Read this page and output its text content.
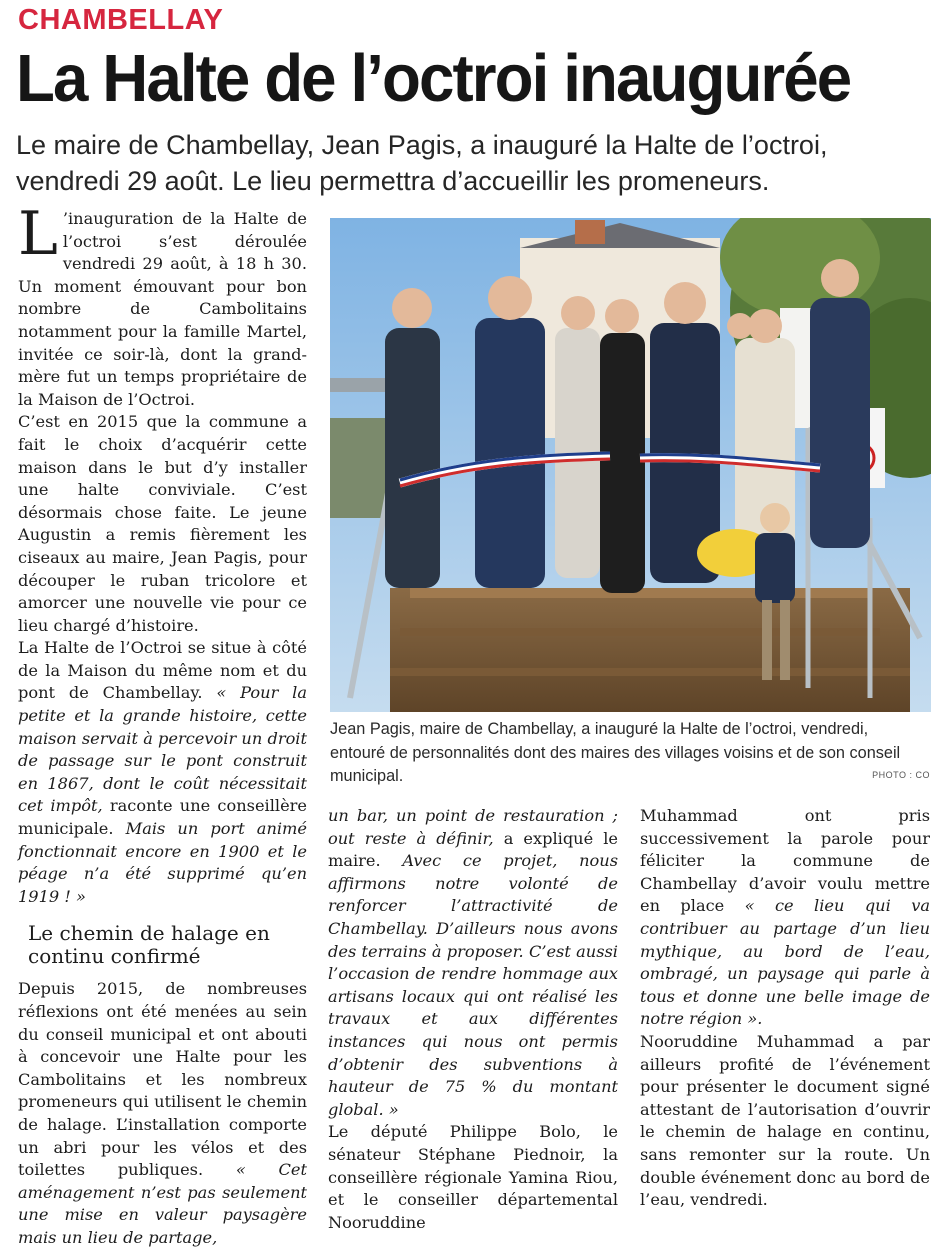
CHAMBELLAY
La Halte de l’octroi inaugurée

Le maire de Chambellay, Jean Pagis, a inauguré la Halte de l’octroi, vendredi 29 août. Le lieu permettra d’accueillir les promeneurs.

L ’inauguration de la Halte de l’octroi s’est déroulée vendredi 29 août, à 18 h 30. Un moment émouvant pour bon nombre de Cambolitains notamment pour la famille Martel, invitée ce soir-là, dont la grand-mère fut un temps propriétaire de la Maison de l’Octroi.

C’est en 2015 que la commune a fait le choix d’acquérir cette maison dans le but d’y installer une halte conviviale. C’est désormais chose faite. Le jeune Augustin a remis fièrement les ciseaux au maire, Jean Pagis, pour découper le ruban tricolore et amorcer une nouvelle vie pour ce lieu chargé d’histoire.

La Halte de l’Octroi se situe à côté de la Maison du même nom et du pont de Chambellay. « Pour la petite et la grande histoire, cette maison servait à percevoir un droit de passage sur le pont construit en 1867, dont le coût nécessitait cet impôt, raconte une conseillère municipale. Mais un port animé fonctionnait encore en 1900 et le péage n’a été supprimé qu’en 1919 ! »

Le chemin de halage en continu confirmé

Depuis 2015, de nombreuses réflexions ont été menées au sein du conseil municipal et ont abouti à concevoir une Halte pour les Cambolitains et les nombreux promeneurs qui utilisent le chemin de halage. L’installation comporte un abri pour les vélos et des toilettes publiques. « Cet aménagement n’est pas seulement une mise en valeur paysagère mais un lieu de partage,

Jean Pagis, maire de Chambellay, a inauguré la Halte de l’octroi, vendredi, entouré de personnalités dont des maires des villages voisins et de son conseil municipal.	PHOTO : CO

un bar, un point de restauration ; out reste à définir, a expliqué le maire. Avec ce projet, nous affirmons notre volonté de renforcer l’attractivité de Chambellay. D’ailleurs nous avons des terrains à proposer. C’est aussi l’occasion de rendre hommage aux artisans locaux qui ont réalisé les travaux et aux différentes instances qui nous ont permis d’obtenir des subventions à hauteur de 75 % du montant global. »

Le député Philippe Bolo, le sénateur Stéphane Piednoir, la conseillère régionale Yamina Riou, et le conseiller départemental Nooruddine

Muhammad ont pris successivement la parole pour féliciter la commune de Chambellay d’avoir voulu mettre en place « ce lieu qui va contribuer au partage d’un lieu mythique, au bord de l’eau, ombragé, un paysage qui parle à tous et donne une belle image de notre région ».

Nooruddine Muhammad a par ailleurs profité de l’événement pour présenter le document signé attestant de l’autorisation d’ouvrir le chemin de halage en continu, sans remonter sur la route. Un double événement donc au bord de l’eau, vendredi.
